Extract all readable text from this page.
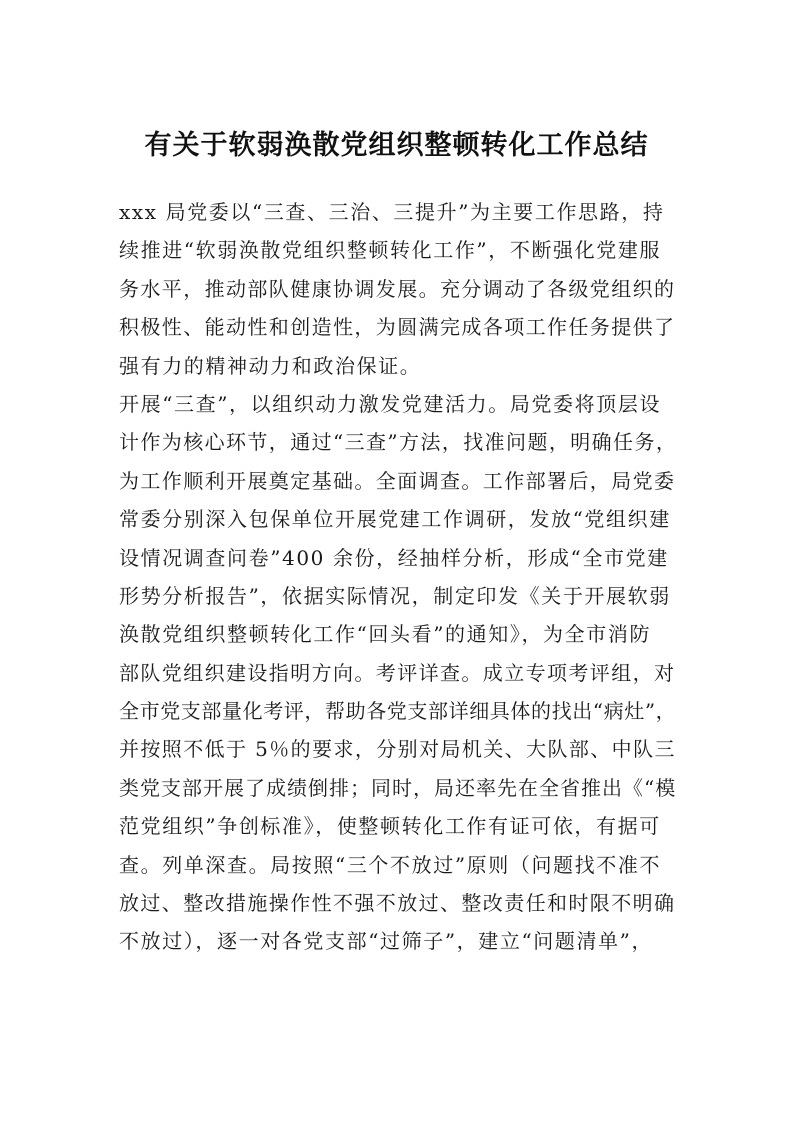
有关于软弱涣散党组织整顿转化工作总结
xxx 局党委以“三查、三治、三提升”为主要工作思路，持
续推进“软弱涣散党组织整顿转化工作”，不断强化党建服
务水平，推动部队健康协调发展。充分调动了各级党组织的
积极性、能动性和创造性，为圆满完成各项工作任务提供了
强有力的精神动力和政治保证。
开展“三查”，以组织动力激发党建活力。局党委将顶层设
计作为核心环节，通过“三查”方法，找准问题，明确任务，
为工作顺利开展奠定基础。全面调查。工作部署后，局党委
常委分别深入包保单位开展党建工作调研，发放“党组织建
设情况调查问卷”400 余份，经抽样分析，形成“全市党建
形势分析报告”，依据实际情况，制定印发《关于开展软弱
涣散党组织整顿转化工作“回头看”的通知》，为全市消防
部队党组织建设指明方向。考评详查。成立专项考评组，对
全市党支部量化考评，帮助各党支部详细具体的找出“病灶”，
并按照不低于 5％的要求，分别对局机关、大队部、中队三
类党支部开展了成绩倒排；同时，局还率先在全省推出《“模
范党组织”争创标准》，使整顿转化工作有证可依，有据可
查。列单深查。局按照“三个不放过”原则（问题找不准不
放过、整改措施操作性不强不放过、整改责任和时限不明确
不放过），逐一对各党支部“过筛子”，建立“问题清单”，
